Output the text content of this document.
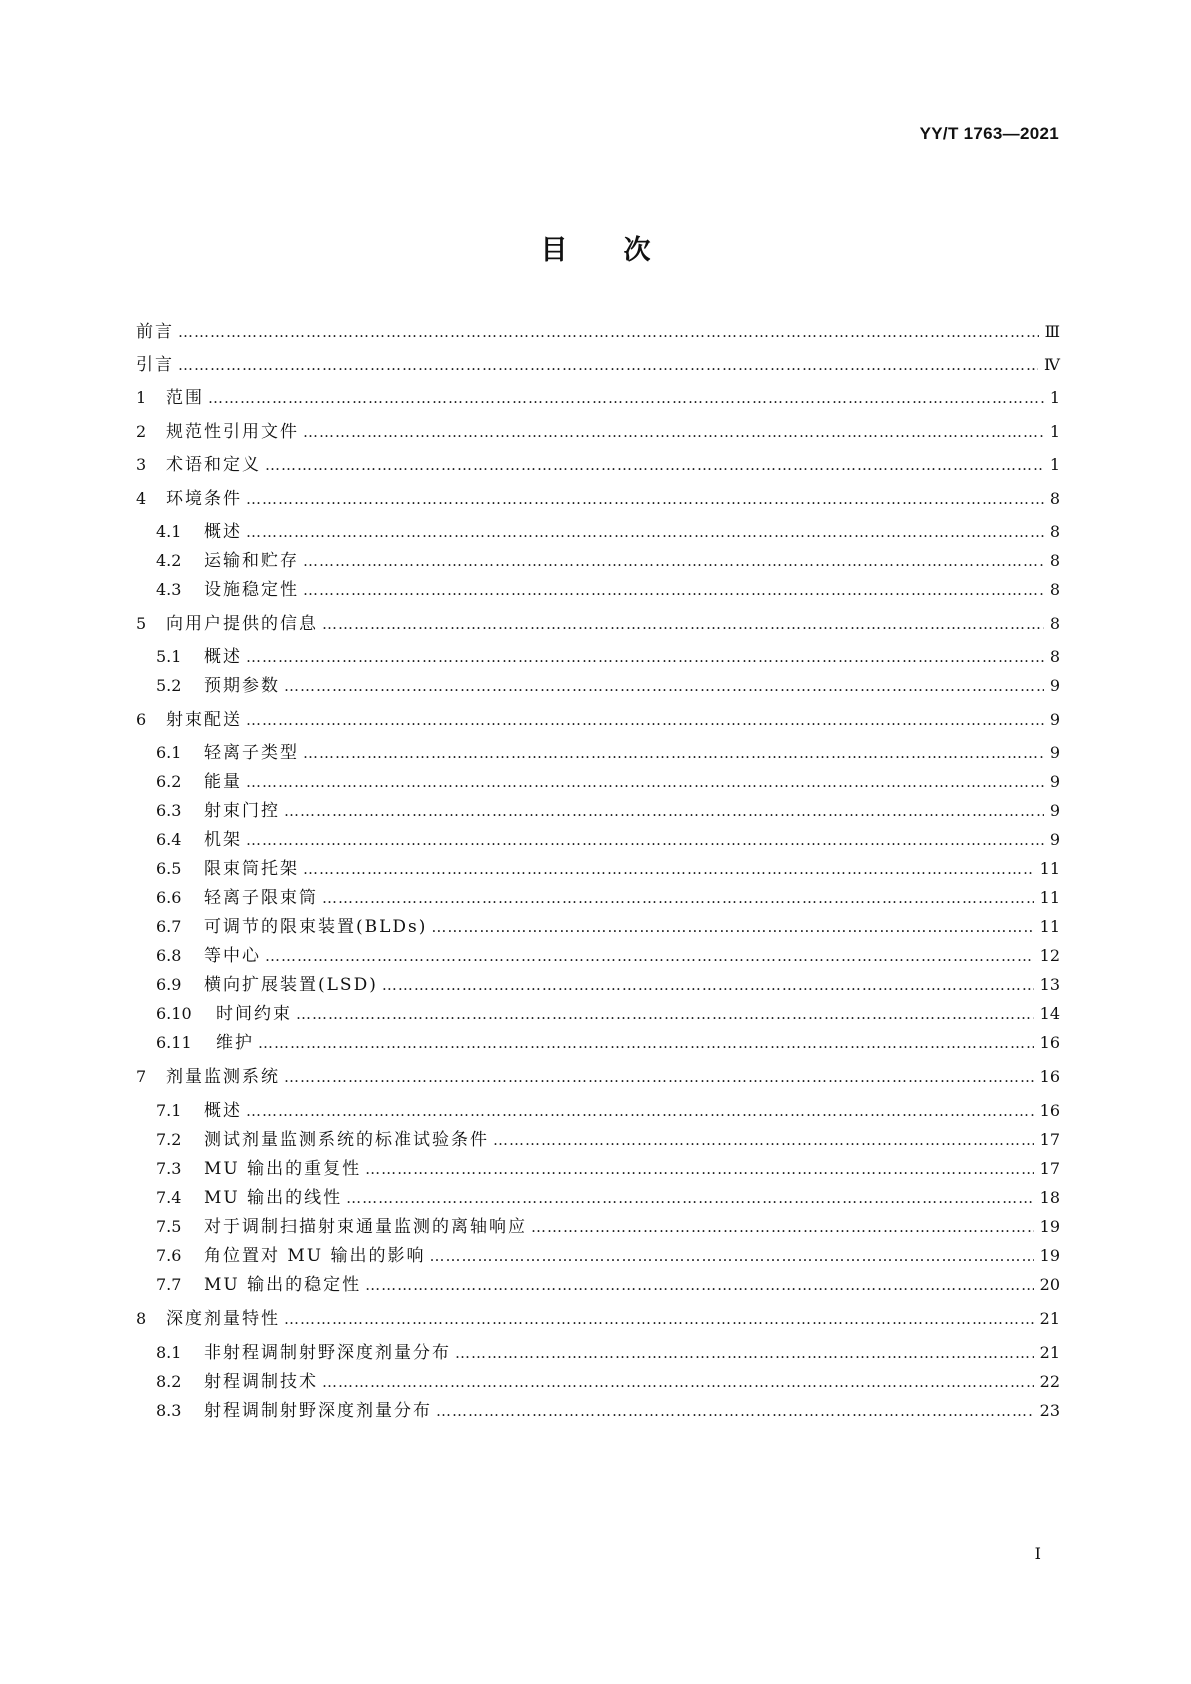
YY/T 1763—2021
目次
前言 ………………………………………………………………………………………………………………………………………………………………………………………………………	Ⅲ
引言 ………………………………………………………………………………………………………………………………………………………………………………………………………	Ⅳ
1	范围 ………………………………………………………………………………………………………………………………………………………………………………………………………	1
2	规范性引用文件 ………………………………………………………………………………………………………………………………………………………………………………………………………	1
3	术语和定义 ………………………………………………………………………………………………………………………………………………………………………………………………………	1
4	环境条件 ………………………………………………………………………………………………………………………………………………………………………………………………………	8
4.1	概述 ………………………………………………………………………………………………………………………………………………………………………………………………………	8
4.2	运输和贮存 ………………………………………………………………………………………………………………………………………………………………………………………………………	8
4.3	设施稳定性 ………………………………………………………………………………………………………………………………………………………………………………………………………	8
5	向用户提供的信息 ………………………………………………………………………………………………………………………………………………………………………………………………………	8
5.1	概述 ………………………………………………………………………………………………………………………………………………………………………………………………………	8
5.2	预期参数 ………………………………………………………………………………………………………………………………………………………………………………………………………	9
6	射束配送 ………………………………………………………………………………………………………………………………………………………………………………………………………	9
6.1	轻离子类型 ………………………………………………………………………………………………………………………………………………………………………………………………………	9
6.2	能量 ………………………………………………………………………………………………………………………………………………………………………………………………………	9
6.3	射束门控 ………………………………………………………………………………………………………………………………………………………………………………………………………	9
6.4	机架 ………………………………………………………………………………………………………………………………………………………………………………………………………	9
6.5	限束筒托架 ………………………………………………………………………………………………………………………………………………………………………………………………………	11
6.6	轻离子限束筒 ………………………………………………………………………………………………………………………………………………………………………………………………………	11
6.7	可调节的限束装置(BLDs) ………………………………………………………………………………………………………………………………………………………………………………………………………	11
6.8	等中心 ………………………………………………………………………………………………………………………………………………………………………………………………………	12
6.9	横向扩展装置(LSD) ………………………………………………………………………………………………………………………………………………………………………………………………………	13
6.10	时间约束 ………………………………………………………………………………………………………………………………………………………………………………………………………	14
6.11	维护 ………………………………………………………………………………………………………………………………………………………………………………………………………	16
7	剂量监测系统 ………………………………………………………………………………………………………………………………………………………………………………………………………	16
7.1	概述 ………………………………………………………………………………………………………………………………………………………………………………………………………	16
7.2	测试剂量监测系统的标准试验条件 ………………………………………………………………………………………………………………………………………………………………………………………………………	17
7.3	MU 输出的重复性 ………………………………………………………………………………………………………………………………………………………………………………………………………	17
7.4	MU 输出的线性 ………………………………………………………………………………………………………………………………………………………………………………………………………	18
7.5	对于调制扫描射束通量监测的离轴响应 ………………………………………………………………………………………………………………………………………………………………………………………………………	19
7.6	角位置对 MU 输出的影响 ………………………………………………………………………………………………………………………………………………………………………………………………………	19
7.7	MU 输出的稳定性 ………………………………………………………………………………………………………………………………………………………………………………………………………	20
8	深度剂量特性 ………………………………………………………………………………………………………………………………………………………………………………………………………	21
8.1	非射程调制射野深度剂量分布 ………………………………………………………………………………………………………………………………………………………………………………………………………	21
8.2	射程调制技术 ………………………………………………………………………………………………………………………………………………………………………………………………………	22
8.3	射程调制射野深度剂量分布 ………………………………………………………………………………………………………………………………………………………………………………………………………	23
I
